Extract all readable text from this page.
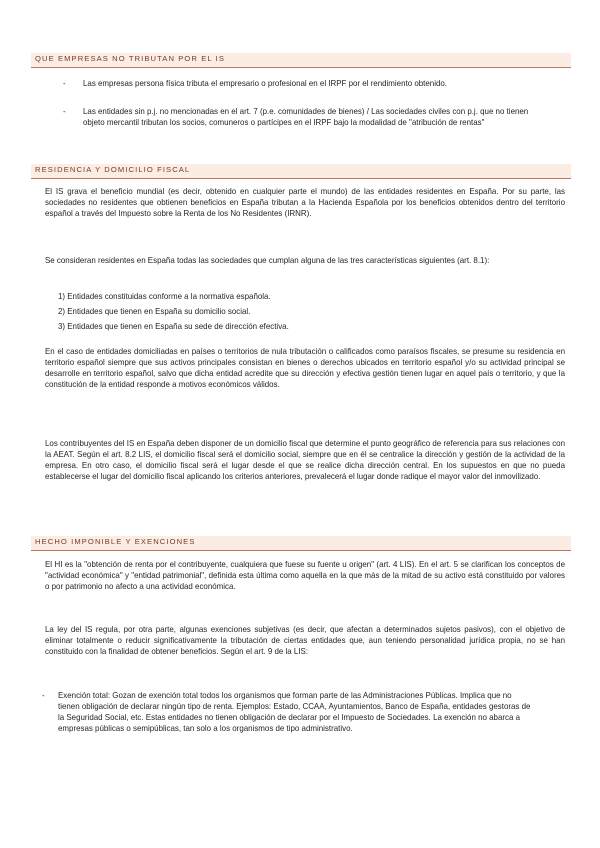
QUE EMPRESAS NO TRIBUTAN POR EL IS
- Las empresas persona física tributa el empresario o profesional en el IRPF por el rendimiento obtenido.
- Las entidades sin p.j. no mencionadas en el art. 7 (p.e. comunidades de bienes) / Las sociedades civiles con p.j. que no tienen objeto mercantil tributan los socios, comuneros o partícipes en el IRPF bajo la modalidad de "atribución de rentas"
RESIDENCIA Y DOMICILIO FISCAL
El IS grava el beneficio mundial (es decir, obtenido en cualquier parte el mundo) de las entidades residentes en España. Por su parte, las sociedades no residentes que obtienen beneficios en España tributan a la Hacienda Española por los beneficios obtenidos dentro del territorio español a través del Impuesto sobre la Renta de los No Residentes (IRNR).
Se consideran residentes en España todas las sociedades que cumplan alguna de las tres características siguientes (art. 8.1):
1) Entidades constituidas conforme a la normativa española.
2) Entidades que tienen en España su domicilio social.
3) Entidades que tienen en España su sede de dirección efectiva.
En el caso de entidades domiciliadas en países o territorios de nula tributación o calificados como paraísos fiscales, se presume su residencia en territorio español siempre que sus activos principales consistan en bienes o derechos ubicados en territorio español y/o su actividad principal se desarrolle en territorio español, salvo que dicha entidad acredite que su dirección y efectiva gestión tienen lugar en aquel país o territorio, y que la constitución de la entidad responde a motivos económicos válidos.
Los contribuyentes del IS en España deben disponer de un domicilio fiscal que determine el punto geográfico de referencia para sus relaciones con la AEAT. Según el art. 8.2 LIS, el domicilio fiscal será el domicilio social, siempre que en él se centralice la dirección y gestión de la actividad de la empresa. En otro caso, el domicilio fiscal será el lugar desde el que se realice dicha dirección central. En los supuestos en que no pueda establecerse el lugar del domicilio fiscal aplicando los criterios anteriores, prevalecerá el lugar donde radique el mayor valor del inmovilizado.
HECHO IMPONIBLE Y EXENCIONES
El HI es la "obtención de renta por el contribuyente, cualquiera que fuese su fuente u origen" (art. 4 LIS). En el art. 5 se clarifican los conceptos de "actividad económica" y "entidad patrimonial", definida esta última como aquella en la que más de la mitad de su activo está constituido por valores o por patrimonio no afecto a una actividad económica.
La ley del IS regula, por otra parte, algunas exenciones subjetivas (es decir, que afectan a determinados sujetos pasivos), con el objetivo de eliminar totalmente o reducir significativamente la tributación de ciertas entidades que, aun teniendo personalidad jurídica propia, no se han constituido con la finalidad de obtener beneficios. Según el art. 9 de la LIS:
- Exención total: Gozan de exención total todos los organismos que forman parte de las Administraciones Públicas. Implica que no tienen obligación de declarar ningún tipo de renta. Ejemplos: Estado, CCAA, Ayuntamientos, Banco de España, entidades gestoras de la Seguridad Social, etc. Estas entidades no tienen obligación de declarar por el Impuesto de Sociedades. La exención no abarca a empresas públicas o semipúblicas, tan solo a los organismos de tipo administrativo.
